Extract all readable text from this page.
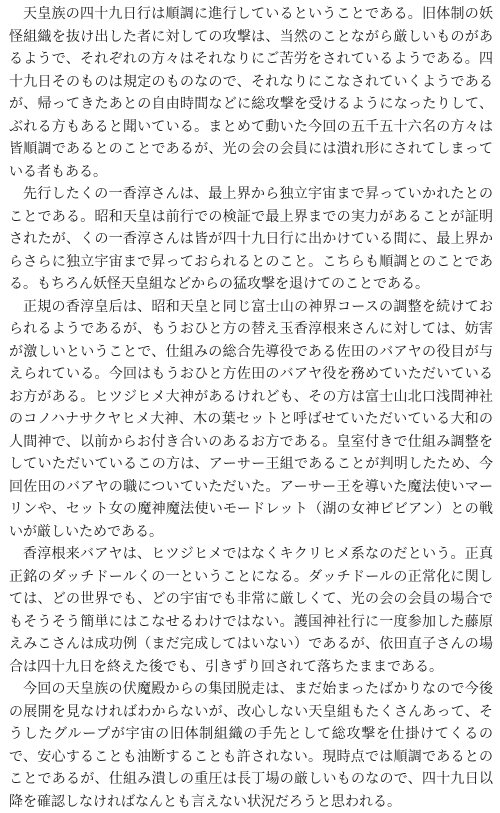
天皇族の四十九日行は順調に進行しているということである。旧体制の妖怪組織を抜け出した者に対しての攻撃は、当然のことながら厳しいものがあるようで、それぞれの方々はそれなりにご苦労をされているようである。四十九日そのものは規定のものなので、それなりにこなされていくようであるが、帰ってきたあとの自由時間などに総攻撃を受けるようになったりして、ぶれる方もあると聞いている。まとめて動いた今回の五千五十六名の方々は皆順調であるとのことであるが、光の会の会員には潰れ形にされてしまっている者もある。

先行したくの一香淳さんは、最上界から独立宇宙まで昇っていかれたとのことである。昭和天皇は前行での検証で最上界までの実力があることが証明されたが、くの一香淳さんは皆が四十九日行に出かけている間に、最上界からさらに独立宇宙まで昇っておられるとのこと。こちらも順調とのことである。もちろん妖怪天皇組などからの猛攻撃を退けてのことである。

正規の香淳皇后は、昭和天皇と同じ富士山の神界コースの調整を続けておられるようであるが、もうおひと方の替え玉香淳根来さんに対しては、妨害が激しいということで、仕組みの総合先導役である佐田のバアヤの役目が与えられている。今回はもうおひと方佐田のバアヤ役を務めていただいているお方がある。ヒツジヒメ大神があるけれども、その方は富士山北口浅間神社のコノハナサクヤヒメ大神、木の葉セットと呼ばせていただいている大和の人間神で、以前からお付き合いのあるお方である。皇室付きで仕組み調整をしていただいているこの方は、アーサー王組であることが判明したため、今回佐田のバアヤの職についていただいた。アーサー王を導いた魔法使いマーリンや、セット女の魔神魔法使いモードレット（湖の女神ビビアン）との戦いが厳しいためである。

香淳根来バアヤは、ヒツジヒメではなくキクリヒメ系なのだという。正真正銘のダッチドールくの一ということになる。ダッチドールの正常化に関しては、どの世界でも、どの宇宙でも非常に厳しくて、光の会の会員の場合でもそうそう簡単にはこなせるわけではない。護国神社行に一度参加した藤原えみこさんは成功例（まだ完成してはいない）であるが、依田直子さんの場合は四十九日を終えた後でも、引きずり回されて落ちたままである。

今回の天皇族の伏魔殿からの集団脱走は、まだ始まったばかりなので今後の展開を見なければわからないが、改心しない天皇組もたくさんあって、そうしたグループが宇宙の旧体制組織の手先として総攻撃を仕掛けてくるので、安心することも油断することも許されない。現時点では順調であるとのことであるが、仕組み潰しの重圧は長丁場の厳しいものなので、四十九日以降を確認しなければなんとも言えない状況だろうと思われる。
